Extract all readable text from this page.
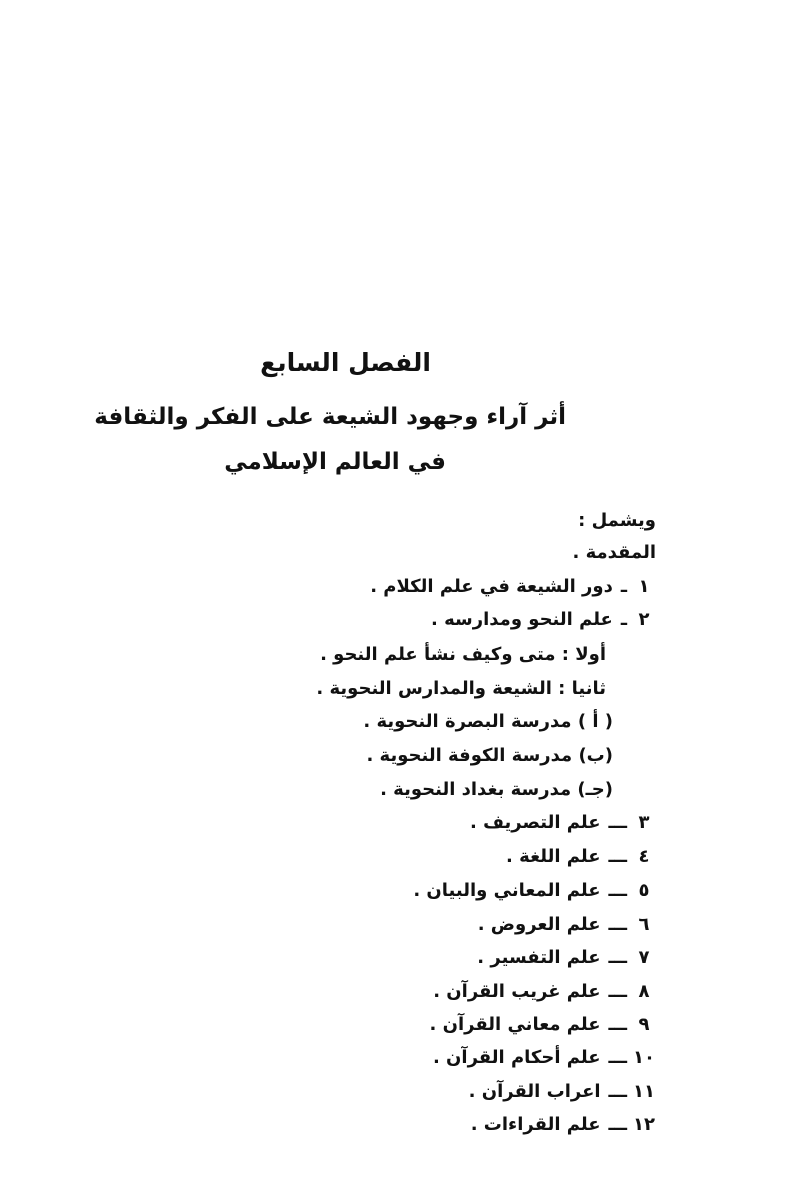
الفصل السابع
أثر آراء وجهود الشيعة على الفكر والثقافة
في العالم الإسلامي
ويشمل :
المقدمة .
١
ـ
دور الشيعة في علم الكلام .
٢
ـ
علم النحو ومدارسه .
أولا : متى وكيف نشأ علم النحو .
ثانيا : الشيعة والمدارس النحوية .
( أ ) مدرسة البصرة النحوية .
(ب) مدرسة الكوفة النحوية .
(جـ) مدرسة بغداد النحوية .
٣
ـــ
علم التصريف .
٤
ـــ
علم اللغة .
٥
ـــ
علم المعاني والبيان .
٦
ـــ
علم العروض .
٧
ـــ
علم التفسير .
٨
ـــ
علم غريب القرآن .
٩
ـــ
علم معاني القرآن .
١٠
ـــ
علم أحكام القرآن .
١١
ـــ
اعراب القرآن .
١٢
ـــ
علم القراءات .
